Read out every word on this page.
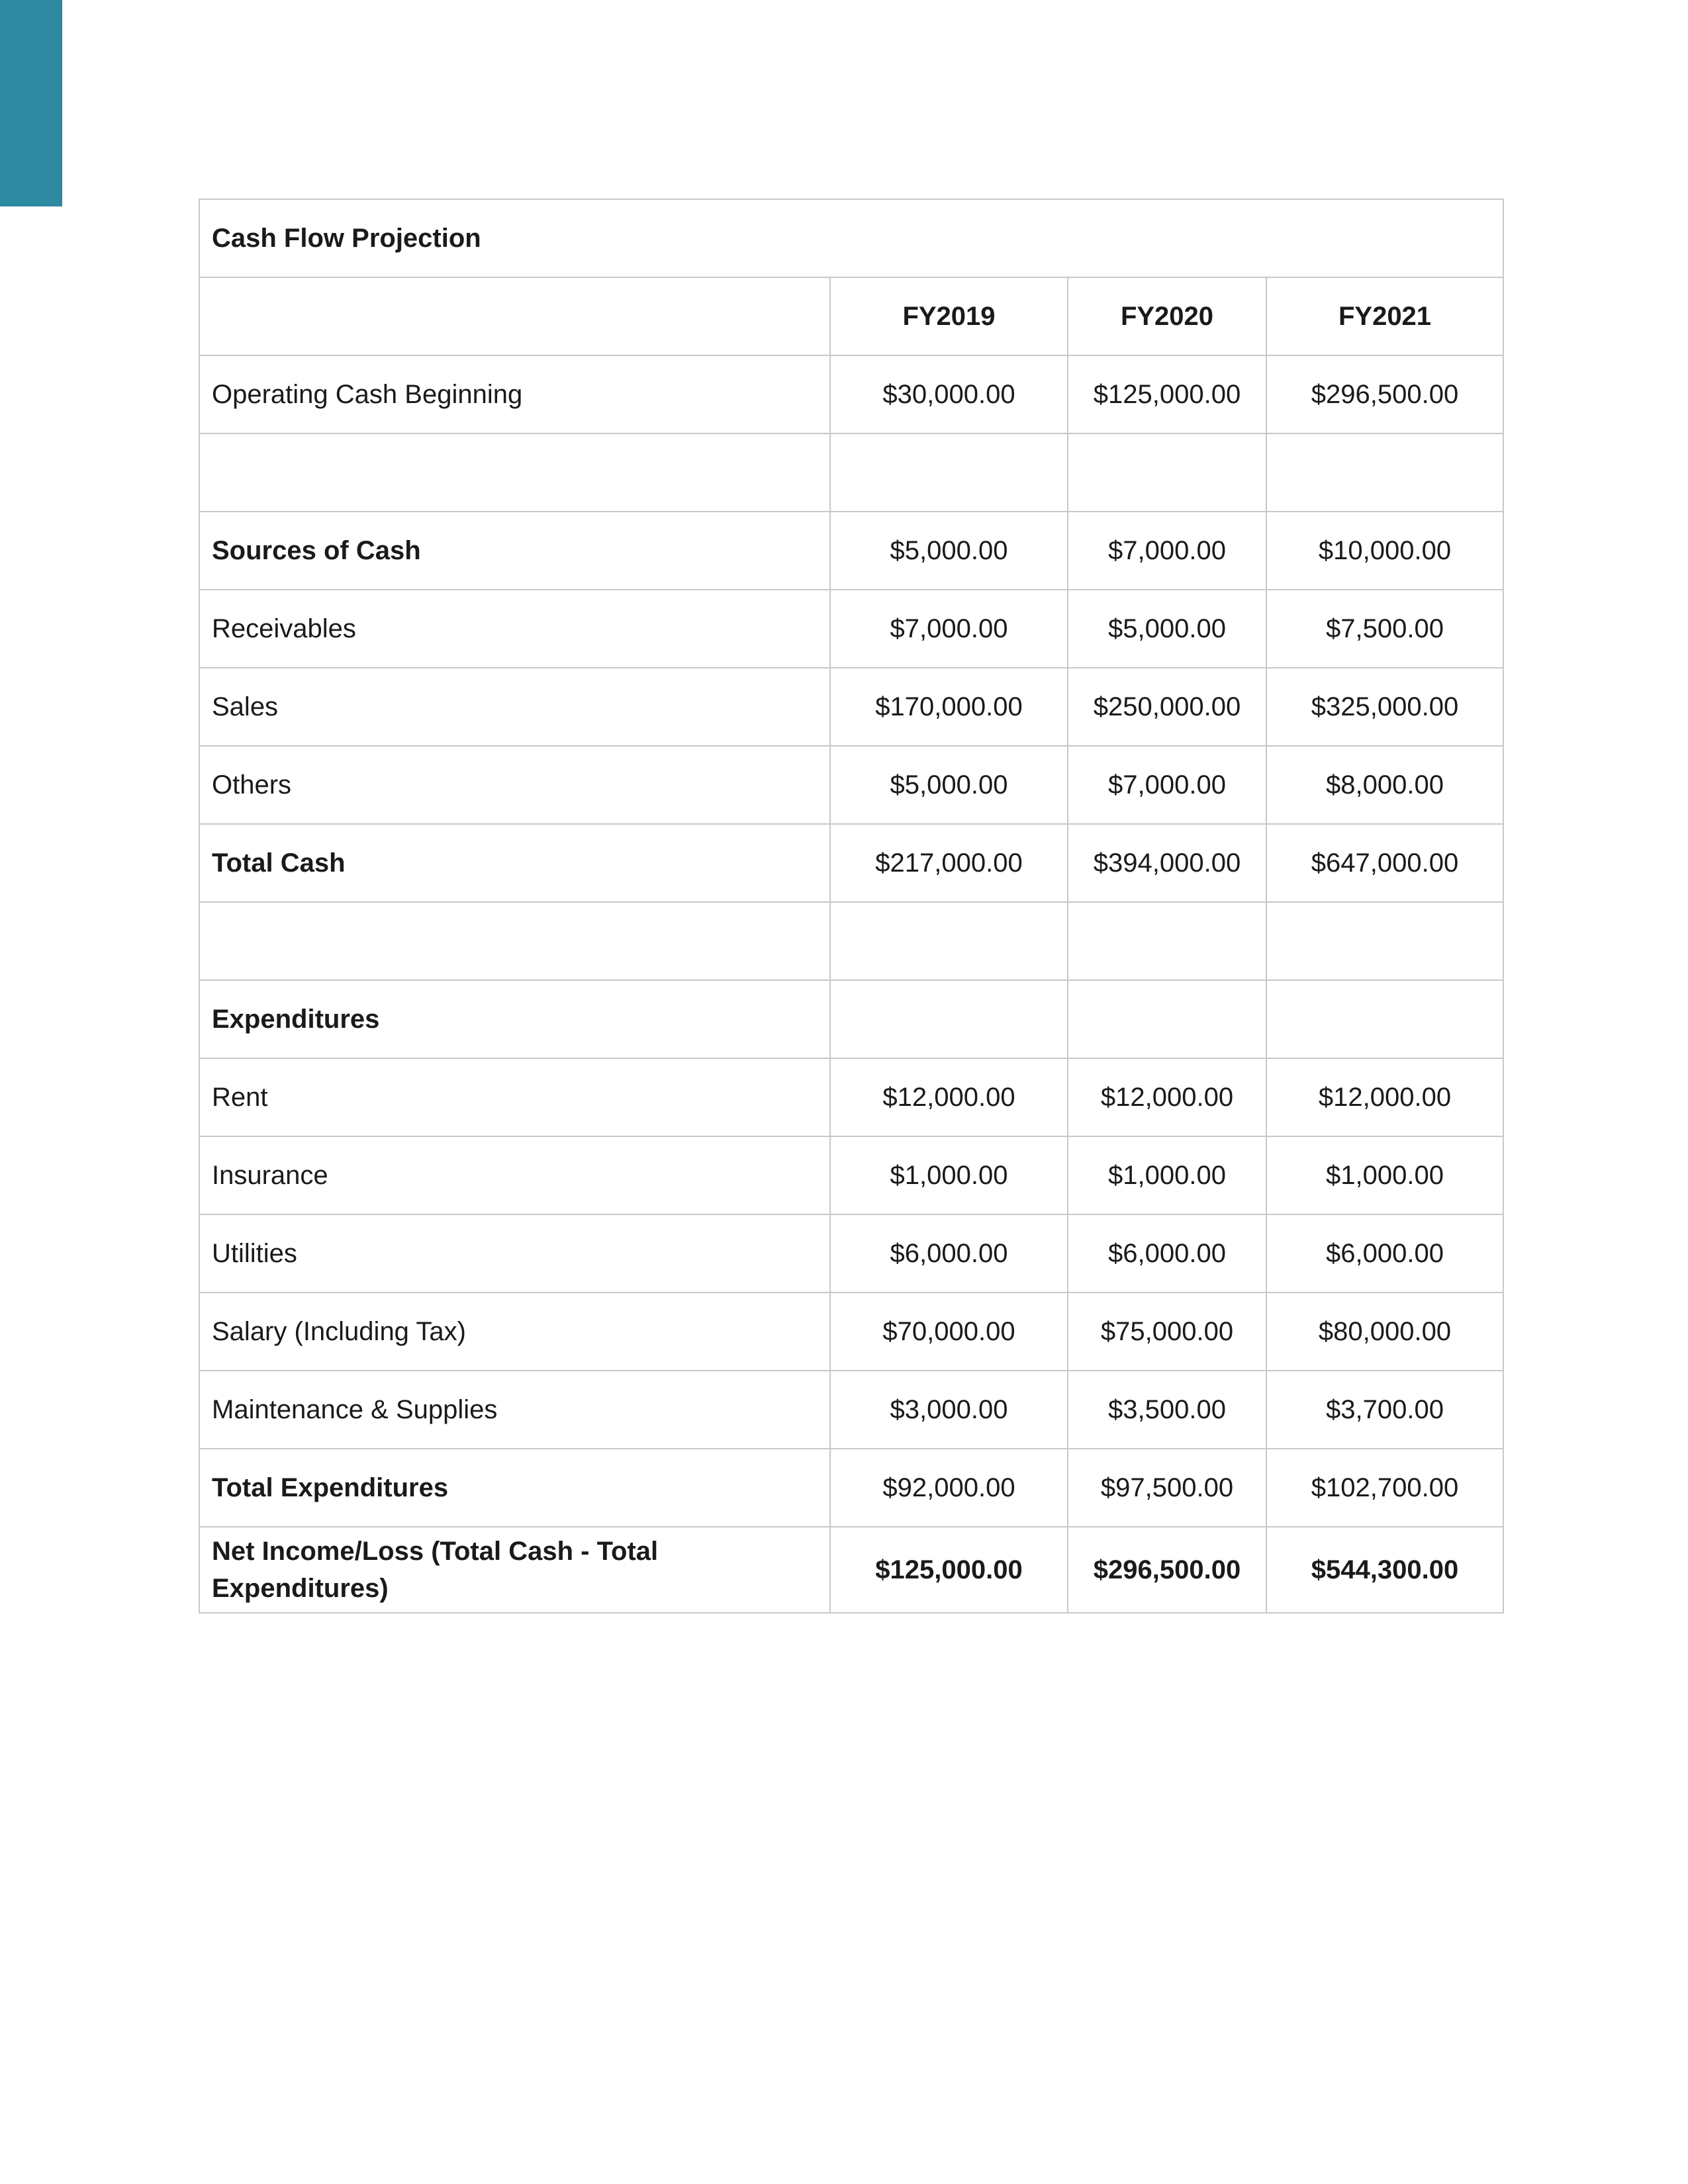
Cash Flow Projection			
	FY2019	FY2020	FY2021
Operating Cash Beginning	$30,000.00	$125,000.00	$296,500.00

Sources of Cash	$5,000.00	$7,000.00	$10,000.00
Receivables	$7,000.00	$5,000.00	$7,500.00
Sales	$170,000.00	$250,000.00	$325,000.00
Others	$5,000.00	$7,000.00	$8,000.00
Total Cash	$217,000.00	$394,000.00	$647,000.00

Expenditures			
Rent	$12,000.00	$12,000.00	$12,000.00
Insurance	$1,000.00	$1,000.00	$1,000.00
Utilities	$6,000.00	$6,000.00	$6,000.00
Salary (Including Tax)	$70,000.00	$75,000.00	$80,000.00
Maintenance & Supplies	$3,000.00	$3,500.00	$3,700.00
Total Expenditures	$92,000.00	$97,500.00	$102,700.00
Net Income/Loss (Total Cash - Total Expenditures)	$125,000.00	$296,500.00	$544,300.00
